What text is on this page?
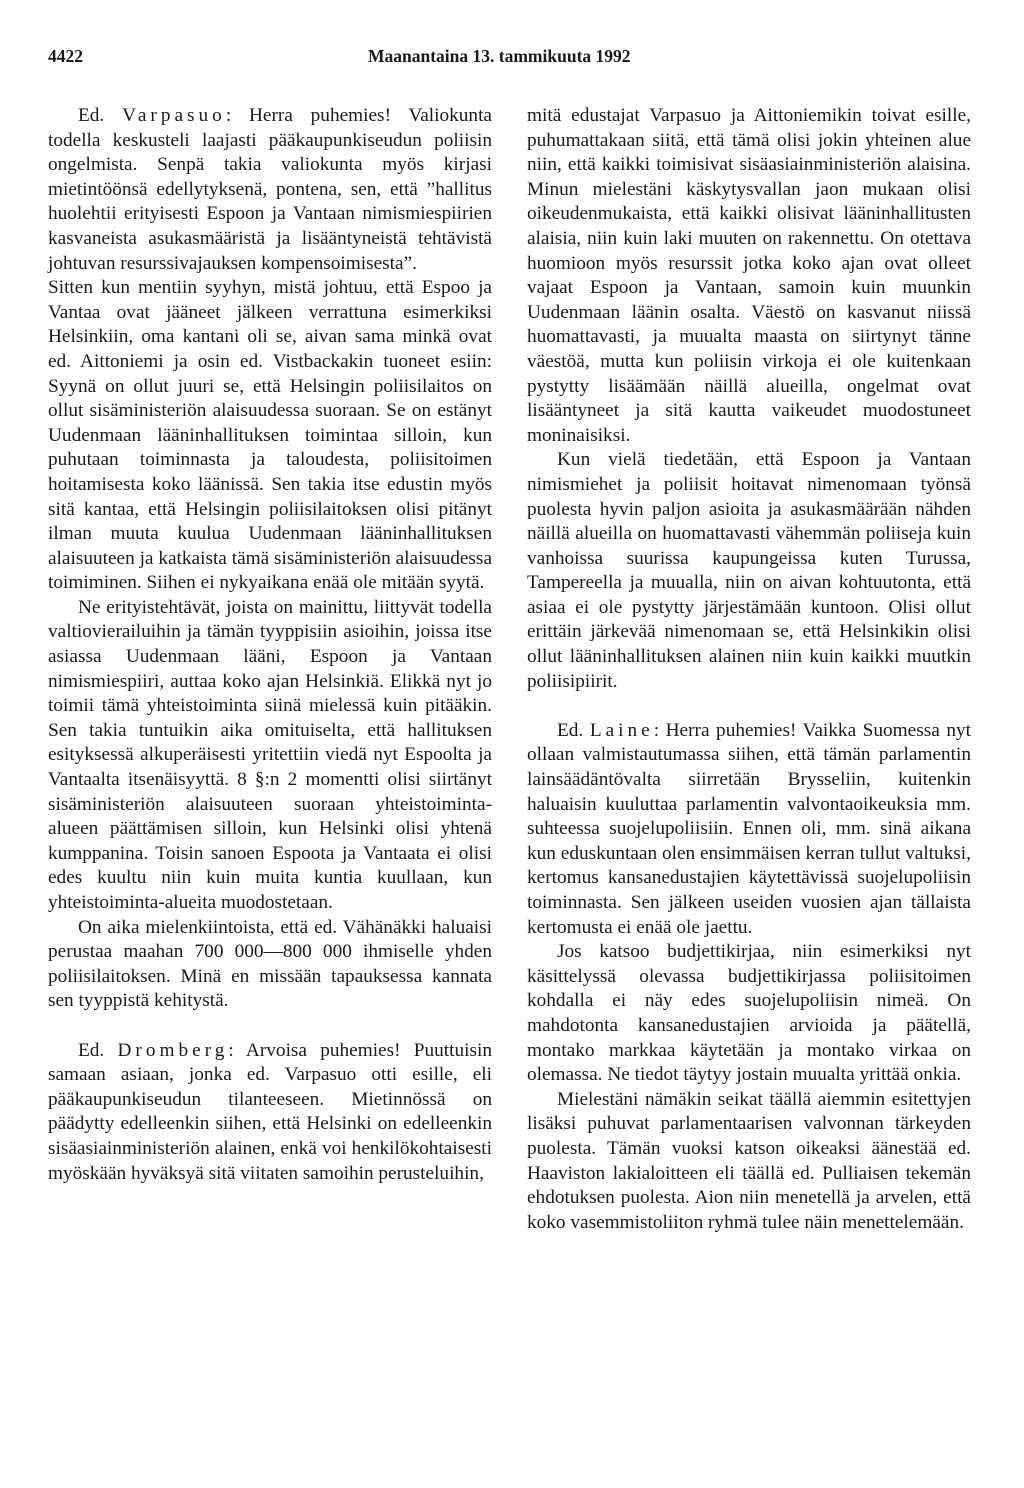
4422	Maanantaina 13. tammikuuta 1992

Ed. Varpasuo: Herra puhemies! Valiokunta todella keskusteli laajasti pääkaupunkiseudun poliisin ongelmista. Senpä takia valiokunta myös kirjasi mietintöönsä edellytyksenä, pontena, sen, että ”hallitus huolehtii erityisesti Espoon ja Vantaan nimismiespiirien kasvaneista asukasmääristä ja lisääntyneistä tehtävistä johtuvan resurssivajauksen kompensoimisesta”.

Sitten kun mentiin syyhyn, mistä johtuu, että Espoo ja Vantaa ovat jääneet jälkeen verrattuna esimerkiksi Helsinkiin, oma kantani oli se, aivan sama minkä ovat ed. Aittoniemi ja osin ed. Vistbackakin tuoneet esiin: Syynä on ollut juuri se, että Helsingin poliisilaitos on ollut sisäministeriön alaisuudessa suoraan. Se on estänyt Uudenmaan lääninhallituksen toimintaa silloin, kun puhutaan toiminnasta ja taloudesta, poliisitoimen hoitamisesta koko läänissä. Sen takia itse edustin myös sitä kantaa, että Helsingin poliisilaitoksen olisi pitänyt ilman muuta kuulua Uudenmaan lääninhallituksen alaisuuteen ja katkaista tämä sisäministeriön alaisuudessa toimiminen. Siihen ei nykyaikana enää ole mitään syytä.

Ne erityistehtävät, joista on mainittu, liittyvät todella valtiovierailuihin ja tämän tyyppisiin asioihin, joissa itse asiassa Uudenmaan lääni, Espoon ja Vantaan nimismiespiiri, auttaa koko ajan Helsinkiä. Elikkä nyt jo toimii tämä yhteistoiminta siinä mielessä kuin pitääkin. Sen takia tuntuikin aika omituiselta, että hallituksen esityksessä alkuperäisesti yritettiin viedä nyt Espoolta ja Vantaalta itsenäisyyttä. 8 §:n 2 momentti olisi siirtänyt sisäministeriön alaisuuteen suoraan yhteistoiminta-alueen päättämisen silloin, kun Helsinki olisi yhtenä kumppanina. Toisin sanoen Espoota ja Vantaata ei olisi edes kuultu niin kuin muita kuntia kuullaan, kun yhteistoiminta-alueita muodostetaan.

On aika mielenkiintoista, että ed. Vähänäkki haluaisi perustaa maahan 700 000—800 000 ihmiselle yhden poliisilaitoksen. Minä en missään tapauksessa kannata sen tyyppistä kehitystä.

Ed. Dromberg: Arvoisa puhemies! Puuttuisin samaan asiaan, jonka ed. Varpasuo otti esille, eli pääkaupunkiseudun tilanteeseen. Mietinnössä on päädytty edelleenkin siihen, että Helsinki on edelleenkin sisäasiainministeriön alainen, enkä voi henkilökohtaisesti myöskään hyväksyä sitä viitaten samoihin perusteluihin,

mitä edustajat Varpasuo ja Aittoniemikin toivat esille, puhumattakaan siitä, että tämä olisi jokin yhteinen alue niin, että kaikki toimisivat sisäasiainministeriön alaisina. Minun mielestäni käskytysvallan jaon mukaan olisi oikeudenmukaista, että kaikki olisivat lääninhallitusten alaisia, niin kuin laki muuten on rakennettu. On otettava huomioon myös resurssit jotka koko ajan ovat olleet vajaat Espoon ja Vantaan, samoin kuin muunkin Uudenmaan läänin osalta. Väestö on kasvanut niissä huomattavasti, ja muualta maasta on siirtynyt tänne väestöä, mutta kun poliisin virkoja ei ole kuitenkaan pystytty lisäämään näillä alueilla, ongelmat ovat lisääntyneet ja sitä kautta vaikeudet muodostuneet moninaisiksi.

Kun vielä tiedetään, että Espoon ja Vantaan nimismiehet ja poliisit hoitavat nimenomaan työnsä puolesta hyvin paljon asioita ja asukasmäärään nähden näillä alueilla on huomattavasti vähemmän poliiseja kuin vanhoissa suurissa kaupungeissa kuten Turussa, Tampereella ja muualla, niin on aivan kohtuutonta, että asiaa ei ole pystytty järjestämään kuntoon. Olisi ollut erittäin järkevää nimenomaan se, että Helsinkikin olisi ollut lääninhallituksen alainen niin kuin kaikki muutkin poliisipiirit.

Ed. Laine: Herra puhemies! Vaikka Suomessa nyt ollaan valmistautumassa siihen, että tämän parlamentin lainsäädäntövalta siirretään Brysseliin, kuitenkin haluaisin kuuluttaa parlamentin valvontaoikeuksia mm. suhteessa suojelupoliisiin. Ennen oli, mm. sinä aikana kun eduskuntaan olen ensimmäisen kerran tullut valtuksi, kertomus kansanedustajien käytettävissä suojelupoliisin toiminnasta. Sen jälkeen useiden vuosien ajan tällaista kertomusta ei enää ole jaettu.

Jos katsoo budjettikirjaa, niin esimerkiksi nyt käsittelyssä olevassa budjettikirjassa poliisitoimen kohdalla ei näy edes suojelupoliisin nimeä. On mahdotonta kansanedustajien arvioida ja päätellä, montako markkaa käytetään ja montako virkaa on olemassa. Ne tiedot täytyy jostain muualta yrittää onkia.

Mielestäni nämäkin seikat täällä aiemmin esitettyjen lisäksi puhuvat parlamentaarisen valvonnan tärkeyden puolesta. Tämän vuoksi katson oikeaksi äänestää ed. Haaviston lakialoitteen eli täällä ed. Pulliaisen tekemän ehdotuksen puolesta. Aion niin menetellä ja arvelen, että koko vasemmistoliiton ryhmä tulee näin menettelemään.
